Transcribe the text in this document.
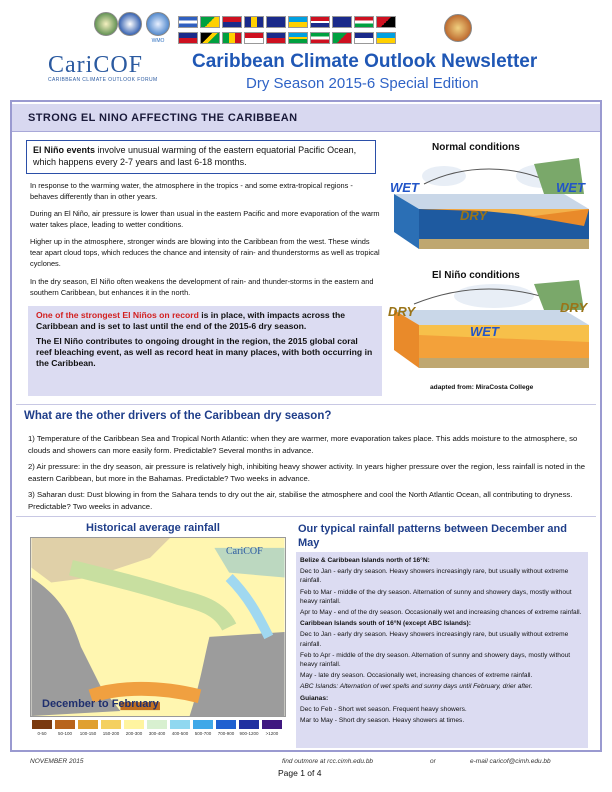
WMO
CariCOF
CARIBBEAN CLIMATE OUTLOOK FORUM
Caribbean Climate Outlook Newsletter
Dry Season 2015-6 Special Edition
STRONG EL NINO AFFECTING THE CARIBBEAN
El Niño events involve unusual warming of the eastern equatorial Pacific Ocean, which happens every 2-7 years and last 6-18 months.
In response to the warming water, the atmosphere in the tropics - and some extra-tropical regions - behaves differently than in other years.
During an El Niño, air pressure is lower than usual in the eastern Pacific and more evaporation of the warm water takes place, leading to wetter conditions.
Higher up in the atmosphere, stronger winds are blowing into the Caribbean from the west. These winds tear apart cloud tops, which reduces the chance and intensity of rain- and thunderstorms as well as tropical cyclones.
In the dry season, El Niño often weakens the development of rain- and thunder-storms in the eastern and southern Caribbean, but enhances it in the north.

One of the strongest El Niños on record is in place, with impacts across the Caribbean and is set to last until the end of the 2015-6 dry season.

The El Niño contributes to ongoing drought in the region, the 2015 global coral reef bleaching event, as well as record heat in many places, with both occurring in the Caribbean.

Normal conditions
WET	WET
DRY
El Niño conditions
DRY	DRY
WET
adapted from: MiraCosta College
What are the other drivers of the Caribbean dry season?
1) Temperature of the Caribbean Sea and Tropical North Atlantic: when they are warmer, more evaporation takes place. This adds moisture to the atmosphere, so clouds and showers can more easily form. Predictable? Several months in advance.
2) Air pressure: in the dry season, air pressure is relatively high, inhibiting heavy shower activity. In years higher pressure over the region, less rainfall is noted in the eastern Caribbean, but more in the Bahamas. Predictable? Two weeks in advance.
3) Saharan dust: Dust blowing in from the Sahara tends to dry out the air, stabilise the atmosphere and cool the North Atlantic Ocean, all contributing to dryness. Predictable? Two weeks in advance.
Historical average rainfall
CariCOF
December to February
0-50	50-100	100-150	150-200	200-300	300-400	400-500	500-700	700-900	900-1200	>1200
Our typical rainfall patterns between December and May

Belize & Caribbean Islands north of 16°N:

Dec to Jan - early dry season. Heavy showers increasingly rare, but usually without extreme rainfall.

Feb to Mar - middle of the dry season. Alternation of sunny and showery days, mostly without heavy rainfall.

Apr to May - end of the dry season. Occasionally wet and increasing chances of extreme rainfall.

Caribbean Islands south of 16°N (except ABC Islands):

Dec to Jan - early dry season. Heavy showers increasingly rare, but usually without extreme rainfall.

Feb to Apr - middle of the dry season. Alternation of sunny and showery days, mostly without heavy rainfall.

May - late dry season. Occasionally wet, increasing chances of extreme rainfall.

ABC Islands: Alternation of wet spells and sunny days until February, drier after.

Guianas:

Dec to Feb - Short wet season. Frequent heavy showers.

Mar to May - Short dry season. Heavy showers at times.

NOVEMBER 2015	find outmore at rcc.cimh.edu.bb	or	e-mail caricof@cimh.edu.bb
Page 1 of 4
